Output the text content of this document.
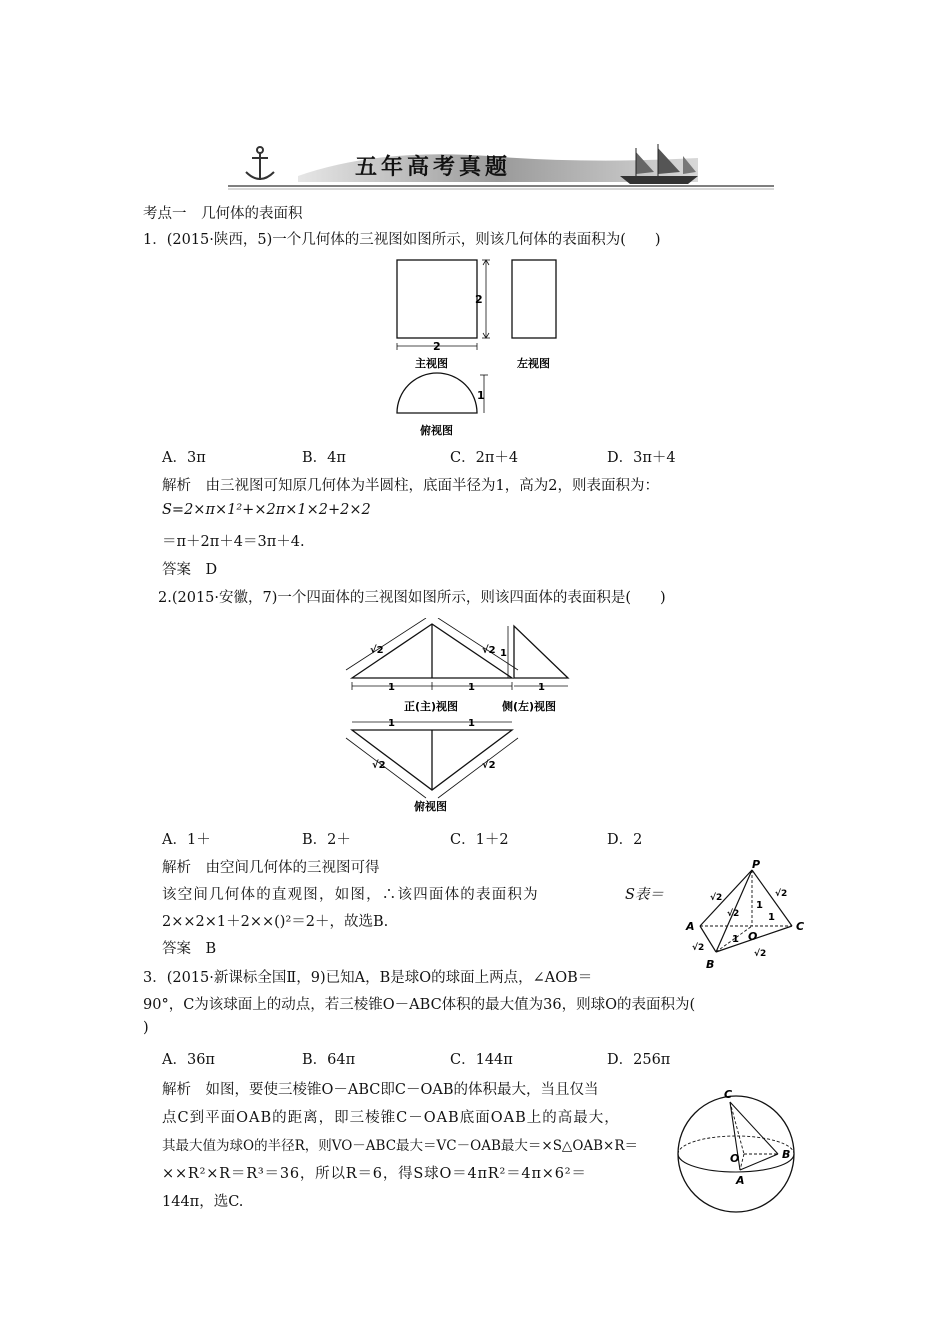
五年高考真题
考点一　几何体的表面积
1．(2015·陕西，5)一个几何体的三视图如图所示，则该几何体的表面积为(　　)
2
2
主视图	左视图
1
俯视图
A．3π	B．4π	C．2π＋4	D．3π＋4
解析　由三视图可知原几何体为半圆柱，底面半径为1，高为2，则表面积为：
S=2×π×1²+×2π×1×2+2×2
＝π＋2π＋4＝3π＋4.
答案　D
2.(2015·安徽，7)一个四面体的三视图如图所示，则该四面体的表面积是(　　)
√2	√2
1	1
正(主)视图
1
1
侧(左)视图
1	1
√2	√2
俯视图
A．1＋	B．2＋	C．1＋2	D．2
解析　由空间几何体的三视图可得
该空间几何体的直观图，如图，∴该四面体的表面积为	S表＝
2××2×1＋2××()²＝2＋，故选B.
答案　B
P
A
B
C
O
√2
√2
√2
√2
√2
1
1
1
3．(2015·新课标全国Ⅱ，9)已知A，B是球O的球面上两点，∠AOB＝
90°，C为该球面上的动点，若三棱锥O－ABC体积的最大值为36，则球O的表面积为(
)
A．36π	B．64π	C．144π	D．256π
解析　如图，要使三棱锥O－ABC即C－OAB的体积最大，当且仅当
点C到平面OAB的距离，即三棱锥C－OAB底面OAB上的高最大，
其最大值为球O的半径R，则VO－ABC最大＝VC－OAB最大＝×S△OAB×R＝
××R²×R＝R³＝36，所以R＝6，得S球O＝4πR²＝4π×6²＝
144π，选C.
C
O
A
B
